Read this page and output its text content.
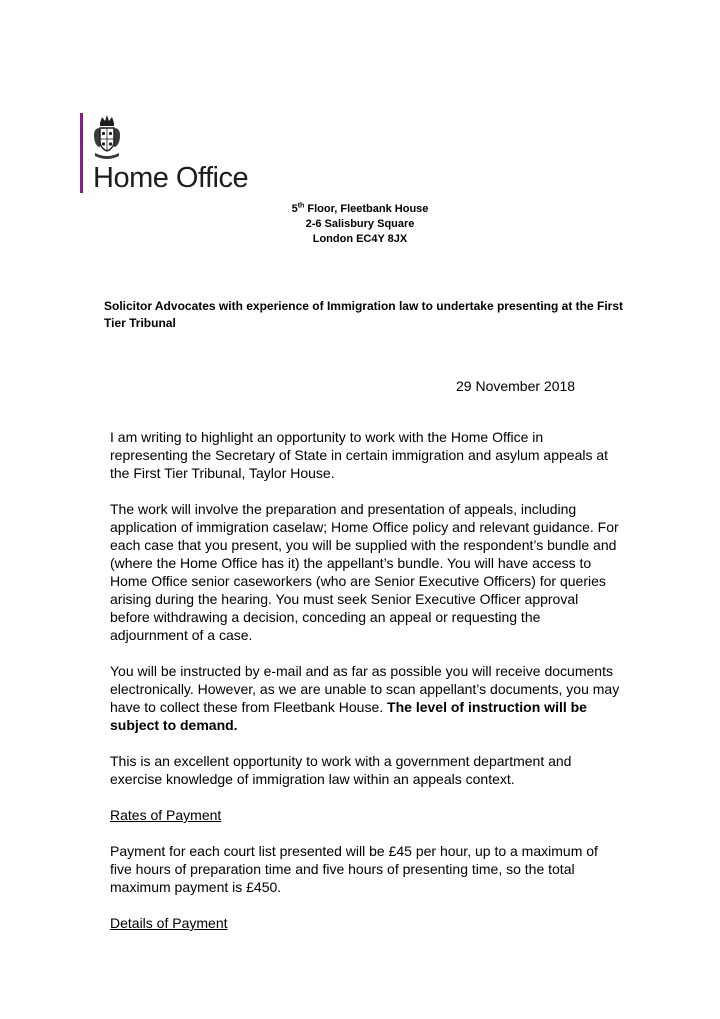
Home Office
5th Floor, Fleetbank House
2-6 Salisbury Square
London EC4Y 8JX
Solicitor Advocates with experience of Immigration law to undertake presenting at the First Tier Tribunal
29 November 2018

I am writing to highlight an opportunity to work with the Home Office in representing the Secretary of State in certain immigration and asylum appeals at the First Tier Tribunal, Taylor House.

The work will involve the preparation and presentation of appeals, including application of immigration caselaw; Home Office policy and relevant guidance. For each case that you present, you will be supplied with the respondent’s bundle and (where the Home Office has it) the appellant’s bundle. You will have access to Home Office senior caseworkers (who are Senior Executive Officers) for queries arising during the hearing. You must seek Senior Executive Officer approval before withdrawing a decision, conceding an appeal or requesting the adjournment of a case.

You will be instructed by e-mail and as far as possible you will receive documents electronically. However, as we are unable to scan appellant’s documents, you may have to collect these from Fleetbank House. The level of instruction will be subject to demand.

This is an excellent opportunity to work with a government department and exercise knowledge of immigration law within an appeals context.

Rates of Payment

Payment for each court list presented will be £45 per hour, up to a maximum of five hours of preparation time and five hours of presenting time, so the total maximum payment is £450.

Details of Payment
